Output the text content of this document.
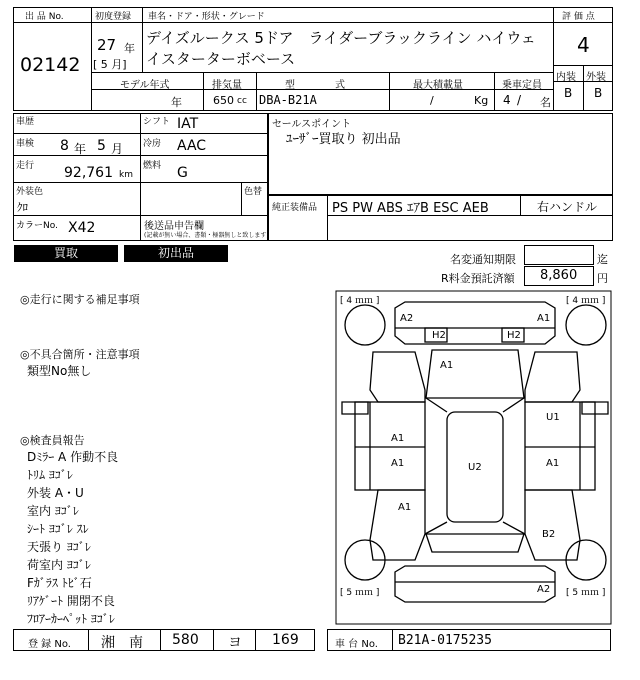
出 品 No.
02142
初度登録
27 年
[ 5 月]
車名・ドア・形状・グレード
デイズルークス 5ドア　ライダーブラックライン ハイウェ
イスターターボベース
評 価 点
4
内装 外装
B B
モデル年式
年
排気量
650 cc
型　　　　式
DBA-B21A
最大積載量
/	Kg
乗車定員
4 / 名
車歴	シフト IAT
車検 8 年 5 月 冷房 AAC
走行 92,761 km
燃料 G
外装色
ｸﾛ
色替
カラーNo. X42	後送品申告欄
(記載が無い場合、書類・極器無しと致します)
セールスポイント
ﾕｰｻﾞｰ買取り 初出品
純正装備品 PS PW ABS ｴｱB ESC AEB	右ハンドル
買取	初出品	名変通知期限	迄
R料金預託済額 8,860 円
◎走行に関する補足事項
◎不具合箇所・注意事項
類型No無し
◎検査員報告
Dﾐﾗｰ A 作動不良
ﾄﾘﾑ ﾖｺﾞﾚ
外装 A・U
室内 ﾖｺﾞﾚ
ｼｰﾄ ﾖｺﾞﾚ ｽﾚ
天張り ﾖｺﾞﾚ
荷室内 ﾖｺﾞﾚ
Fｶﾞﾗｽ ﾄﾋﾞ石
ﾘｱｹﾞｰﾄ 開閉不良
ﾌﾛｱｰｶｰﾍﾟｯﾄ ﾖｺﾞﾚ
[ 4 ｍｍ ]	[ 4 ｍｍ ]
[ 5 ｍｍ ]	[ 5 ｍｍ ]
A2	A1
H2	H2
A1
U1
A1
A1	U2	A1
A1
B2
A2
登 録 No. 湘　南 580 ヨ 169	車 台 No. B21A-0175235
